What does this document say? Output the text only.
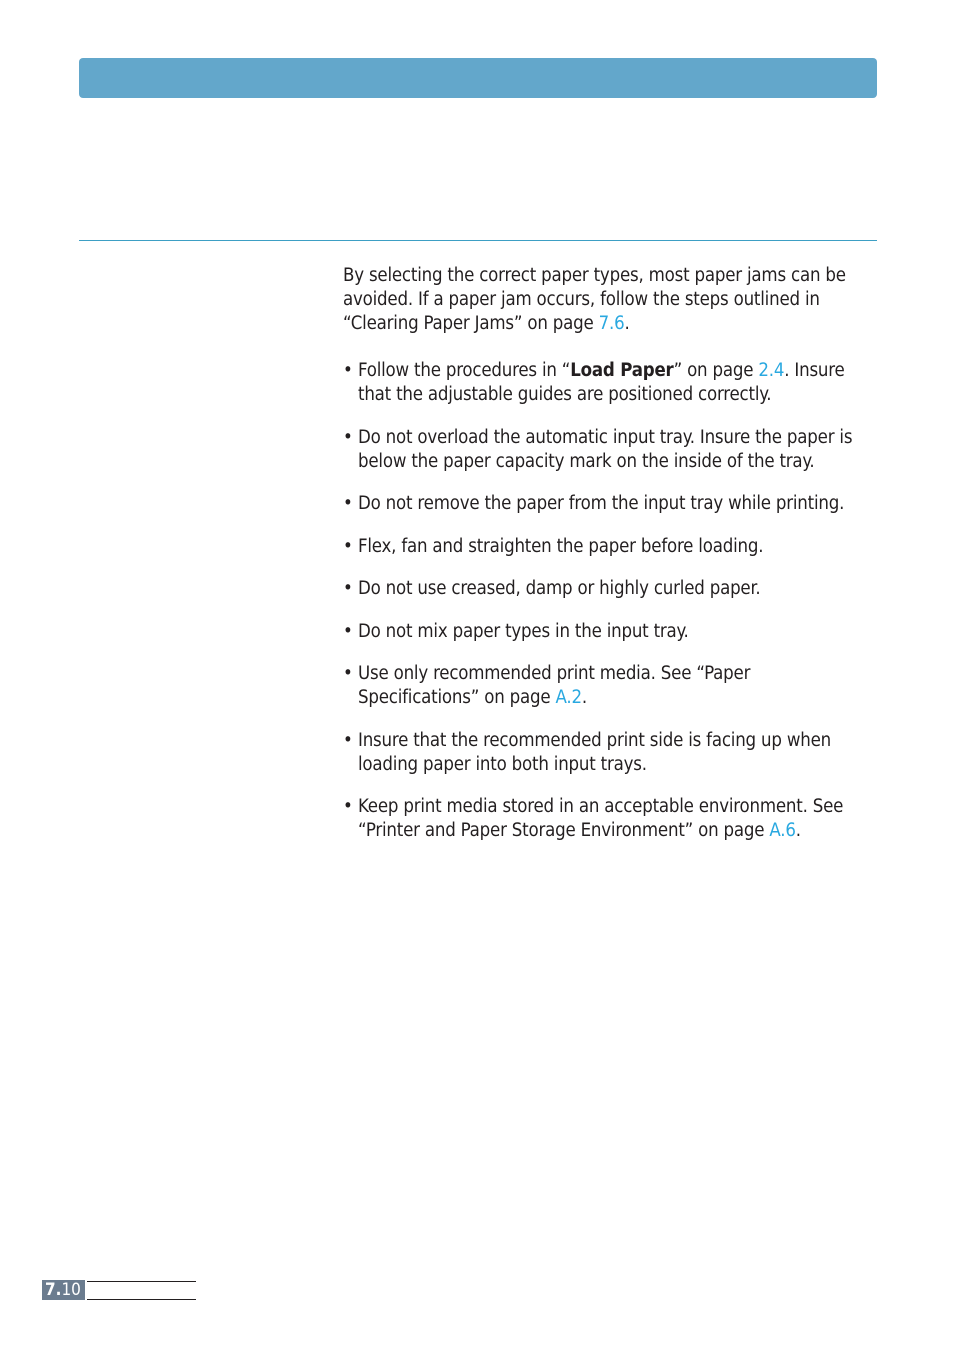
By selecting the correct paper types, most paper jams can be avoided. If a paper jam occurs, follow the steps outlined in “Clearing Paper Jams” on page 7.6.

• Follow the procedures in “Load Paper” on page 2.4. Insure that the adjustable guides are positioned correctly.
• Do not overload the automatic input tray. Insure the paper is below the paper capacity mark on the inside of the tray.
• Do not remove the paper from the input tray while printing.
• Flex, fan and straighten the paper before loading.
• Do not use creased, damp or highly curled paper.
• Do not mix paper types in the input tray.
• Use only recommended print media. See “Paper Specifications” on page A.2.
• Insure that the recommended print side is facing up when loading paper into both input trays.
• Keep print media stored in an acceptable environment. See “Printer and Paper Storage Environment” on page A.6.
7. 10
